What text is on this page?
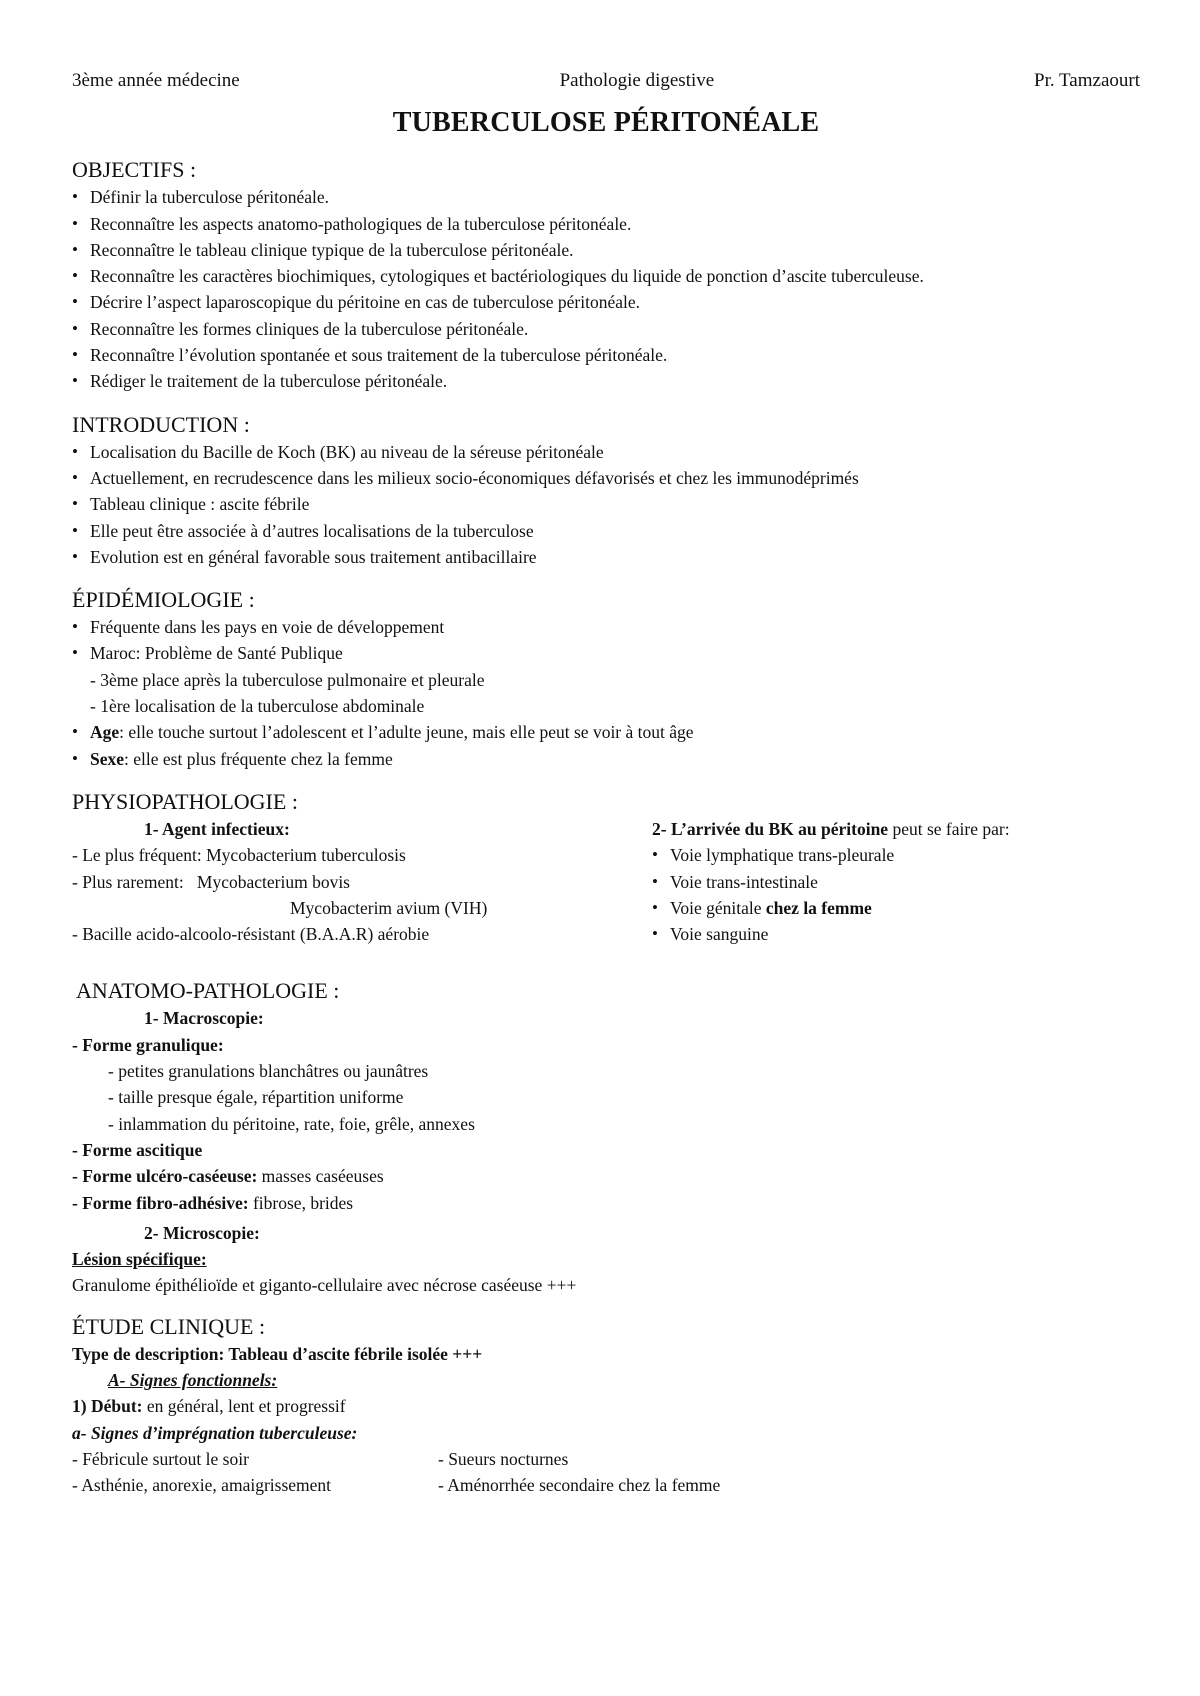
3ème année médecine	Pathologie digestive	Pr. Tamzaourt
TUBERCULOSE PÉRITONÉALE
OBJECTIFS :
• Définir la tuberculose péritonéale.
• Reconnaître les aspects anatomo-pathologiques de la tuberculose péritonéale.
• Reconnaître le tableau clinique typique de la tuberculose péritonéale.
• Reconnaître les caractères biochimiques, cytologiques et bactériologiques du liquide de ponction d’ascite tuberculeuse.
• Décrire l’aspect laparoscopique du péritoine en cas de tuberculose péritonéale.
• Reconnaître les formes cliniques de la tuberculose péritonéale.
• Reconnaître l’évolution spontanée et sous traitement de la tuberculose péritonéale.
• Rédiger le traitement de la tuberculose péritonéale.
INTRODUCTION :
• Localisation du Bacille de Koch (BK) au niveau de la séreuse péritonéale
• Actuellement, en recrudescence dans les milieux socio-économiques défavorisés et chez les immunodéprimés
• Tableau clinique : ascite fébrile
• Elle peut être associée à d’autres localisations de la tuberculose
• Evolution est en général favorable sous traitement antibacillaire
ÉPIDÉMIOLOGIE :
• Fréquente dans les pays en voie de développement
• Maroc: Problème de Santé Publique
- 3ème place après la tuberculose pulmonaire et pleurale
- 1ère localisation de la tuberculose abdominale
• Age: elle touche surtout l’adolescent et l’adulte jeune, mais elle peut se voir à tout âge
• Sexe: elle est plus fréquente chez la femme
PHYSIOPATHOLOGIE :
1- Agent infectieux:
- Le plus fréquent: Mycobacterium tuberculosis
- Plus rarement:   Mycobacterium bovis
Mycobacterim avium (VIH)
- Bacille acido-alcoolo-résistant (B.A.A.R) aérobie
2- L’arrivée du BK au péritoine peut se faire par:
• Voie lymphatique trans-pleurale
• Voie trans-intestinale
• Voie génitale chez la femme
• Voie sanguine
ANATOMO-PATHOLOGIE :
1- Macroscopie:
- Forme granulique:
- petites granulations blanchâtres ou jaunâtres
- taille presque égale, répartition uniforme
- inlammation du péritoine, rate, foie, grêle, annexes
- Forme ascitique
- Forme ulcéro-caséeuse: masses caséeuses
- Forme fibro-adhésive: fibrose, brides
2- Microscopie:
Lésion spécifique:
Granulome épithélioïde et giganto-cellulaire avec nécrose caséeuse +++
ÉTUDE CLINIQUE :
Type de description: Tableau d’ascite fébrile isolée +++
A- Signes fonctionnels:
1) Début: en général, lent et progressif
a- Signes d’imprégnation tuberculeuse:
- Fébricule surtout le soir	- Sueurs nocturnes
- Asthénie, anorexie, amaigrissement	- Aménorrhée secondaire chez la femme
